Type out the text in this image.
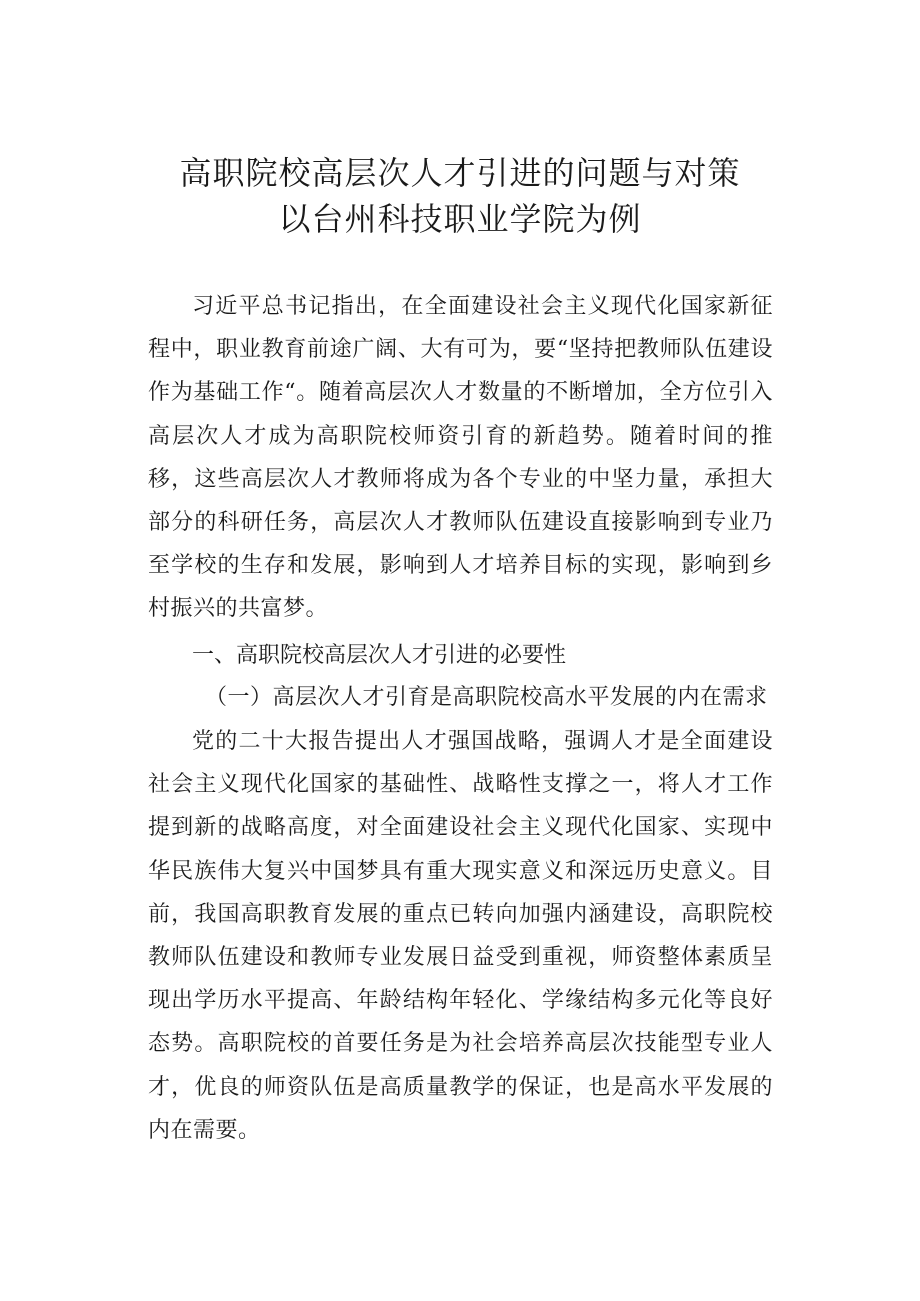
高职院校高层次人才引进的问题与对策
以台州科技职业学院为例

习近平总书记指出，在全面建设社会主义现代化国家新征程中，职业教育前途广阔、大有可为，要“坚持把教师队伍建设作为基础工作“。随着高层次人才数量的不断增加，全方位引入高层次人才成为高职院校师资引育的新趋势。随着时间的推移，这些高层次人才教师将成为各个专业的中坚力量，承担大部分的科研任务，高层次人才教师队伍建设直接影响到专业乃至学校的生存和发展，影响到人才培养目标的实现，影响到乡村振兴的共富梦。

一、高职院校高层次人才引进的必要性
（一）高层次人才引育是高职院校高水平发展的内在需求

党的二十大报告提出人才强国战略，强调人才是全面建设社会主义现代化国家的基础性、战略性支撑之一，将人才工作提到新的战略高度，对全面建设社会主义现代化国家、实现中华民族伟大复兴中国梦具有重大现实意义和深远历史意义。目前，我国高职教育发展的重点已转向加强内涵建设，高职院校教师队伍建设和教师专业发展日益受到重视，师资整体素质呈现出学历水平提高、年龄结构年轻化、学缘结构多元化等良好态势。高职院校的首要任务是为社会培养高层次技能型专业人才，优良的师资队伍是高质量教学的保证，也是高水平发展的内在需要。
